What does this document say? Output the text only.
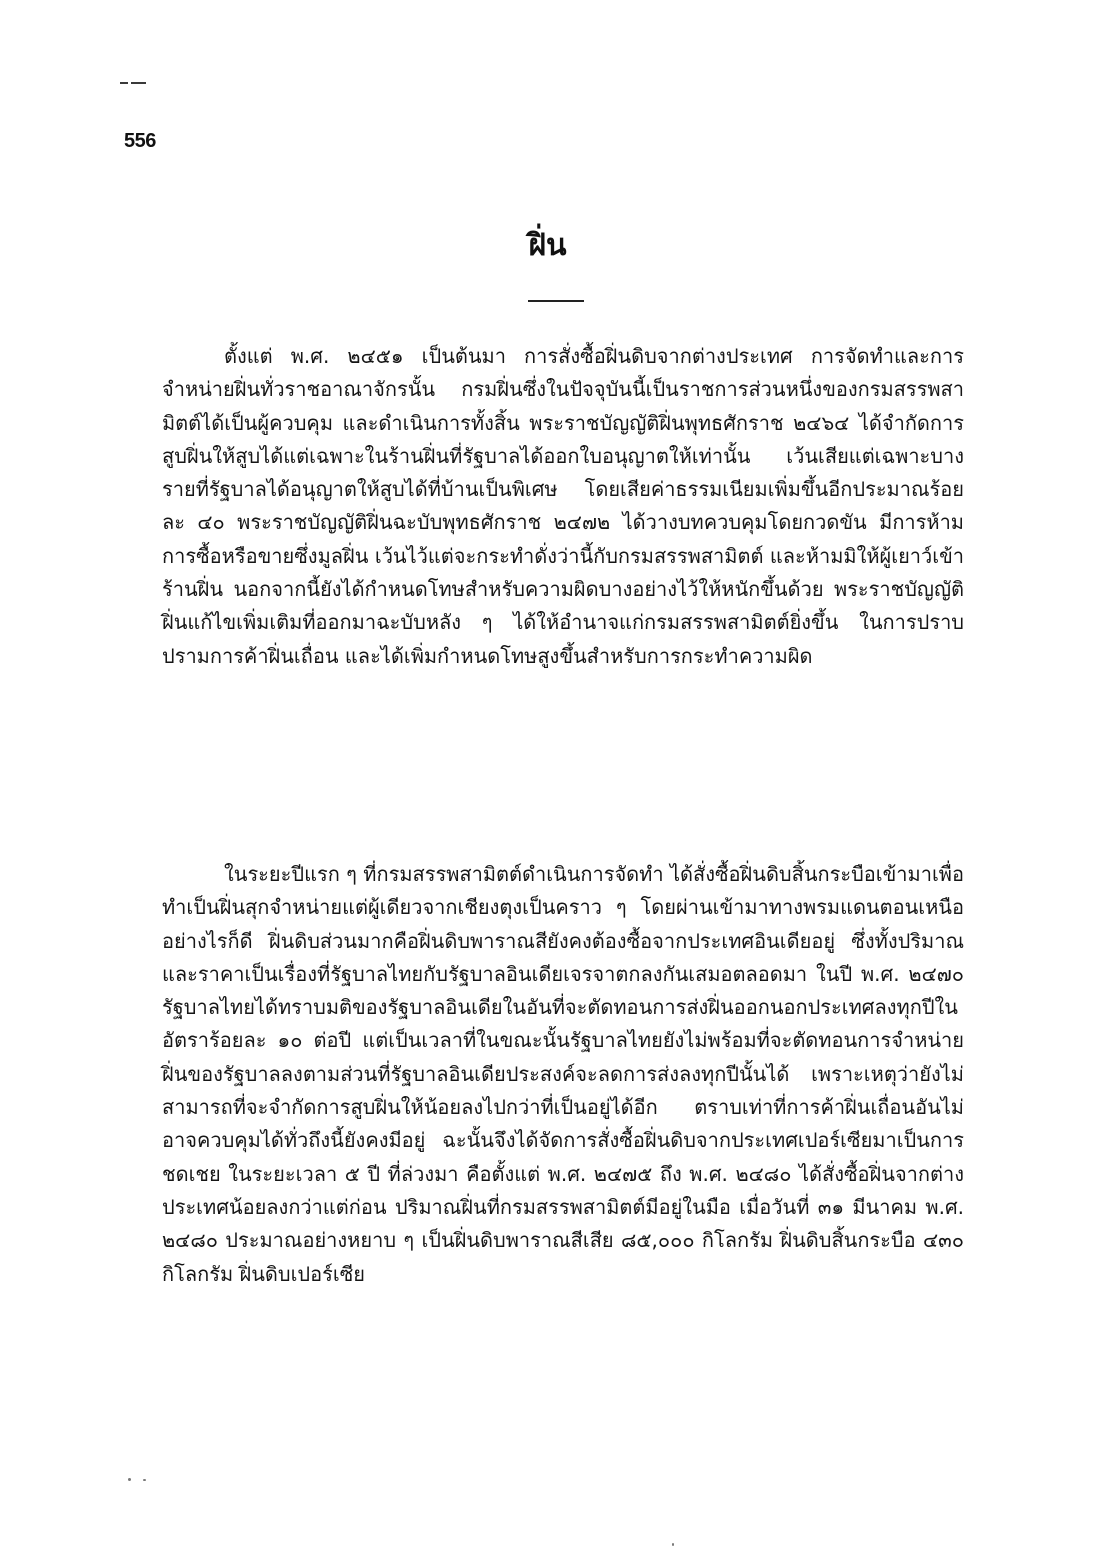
556
ฝิ่น

ตั้งแต่ พ.ศ. ๒๔๕๑ เป็นต้นมา การสั่งซื้อฝิ่นดิบจากต่างประเทศ การจัดทำและการจำหน่ายฝิ่นทั่วราชอาณาจักรนั้น กรมฝิ่นซึ่งในปัจจุบันนี้เป็นราชการส่วนหนึ่งของกรมสรรพสามิตต์ได้เป็นผู้ควบคุม และดำเนินการทั้งสิ้น พระราชบัญญัติฝิ่นพุทธศักราช ๒๔๖๔ ได้จำกัดการสูบฝิ่นให้สูบได้แต่เฉพาะในร้านฝิ่นที่รัฐบาลได้ออกใบอนุญาตให้เท่านั้น เว้นเสียแต่เฉพาะบางรายที่รัฐบาลได้อนุญาตให้สูบได้ที่บ้านเป็นพิเศษ โดยเสียค่าธรรมเนียมเพิ่มขึ้นอีกประมาณร้อยละ ๔๐ พระราชบัญญัติฝิ่นฉะบับพุทธศักราช ๒๔๗๒ ได้วางบทควบคุมโดยกวดขัน มีการห้ามการซื้อหรือขายซึ่งมูลฝิ่น เว้นไว้แต่จะกระทำดั่งว่านี้กับกรมสรรพสามิตต์ และห้ามมิให้ผู้เยาว์เข้าร้านฝิ่น นอกจากนี้ยังได้กำหนดโทษสำหรับความผิดบางอย่างไว้ให้หนักขึ้นด้วย พระราชบัญญัติฝิ่นแก้ไขเพิ่มเติมที่ออกมาฉะบับหลัง ๆ ได้ให้อำนาจแก่กรมสรรพสามิตต์ยิ่งขึ้น ในการปราบปรามการค้าฝิ่นเถื่อน และได้เพิ่มกำหนดโทษสูงขึ้นสำหรับการกระทำความผิด

ในระยะปีแรก ๆ ที่กรมสรรพสามิตต์ดำเนินการจัดทำ ได้สั่งซื้อฝิ่นดิบสิ้นกระบือเข้ามาเพื่อทำเป็นฝิ่นสุกจำหน่ายแต่ผู้เดียวจากเชียงตุงเป็นคราว ๆ โดยผ่านเข้ามาทางพรมแดนตอนเหนือ อย่างไรก็ดี ฝิ่นดิบส่วนมากคือฝิ่นดิบพาราณสียังคงต้องซื้อจากประเทศอินเดียอยู่ ซึ่งทั้งปริมาณและราคาเป็นเรื่องที่รัฐบาลไทยกับรัฐบาลอินเดียเจรจาตกลงกันเสมอตลอดมา ในปี พ.ศ. ๒๔๗๐ รัฐบาลไทยได้ทราบมติของรัฐบาลอินเดียในอันที่จะตัดทอนการส่งฝิ่นออกนอกประเทศลงทุกปีในอัตราร้อยละ ๑๐ ต่อปี แต่เป็นเวลาที่ในขณะนั้นรัฐบาลไทยยังไม่พร้อมที่จะตัดทอนการจำหน่ายฝิ่นของรัฐบาลลงตามส่วนที่รัฐบาลอินเดียประสงค์จะลดการส่งลงทุกปีนั้นได้ เพราะเหตุว่ายังไม่สามารถที่จะจำกัดการสูบฝิ่นให้น้อยลงไปกว่าที่เป็นอยู่ได้อีก ตราบเท่าที่การค้าฝิ่นเถื่อนอันไม่อาจควบคุมได้ทั่วถึงนี้ยังคงมีอยู่ ฉะนั้นจึงได้จัดการสั่งซื้อฝิ่นดิบจากประเทศเปอร์เซียมาเป็นการชดเชย ในระยะเวลา ๕ ปี ที่ล่วงมา คือตั้งแต่ พ.ศ. ๒๔๗๕ ถึง พ.ศ. ๒๔๘๐ ได้สั่งซื้อฝิ่นจากต่างประเทศน้อยลงกว่าแต่ก่อน ปริมาณฝิ่นที่กรมสรรพสามิตต์มีอยู่ในมือ เมื่อวันที่ ๓๑ มีนาคม พ.ศ. ๒๔๘๐ ประมาณอย่างหยาบ ๆ เป็นฝิ่นดิบพาราณสีเสีย ๘๕,๐๐๐ กิโลกรัม ฝิ่นดิบสิ้นกระบือ ๔๓๐ กิโลกรัม ฝิ่นดิบเปอร์เซีย
